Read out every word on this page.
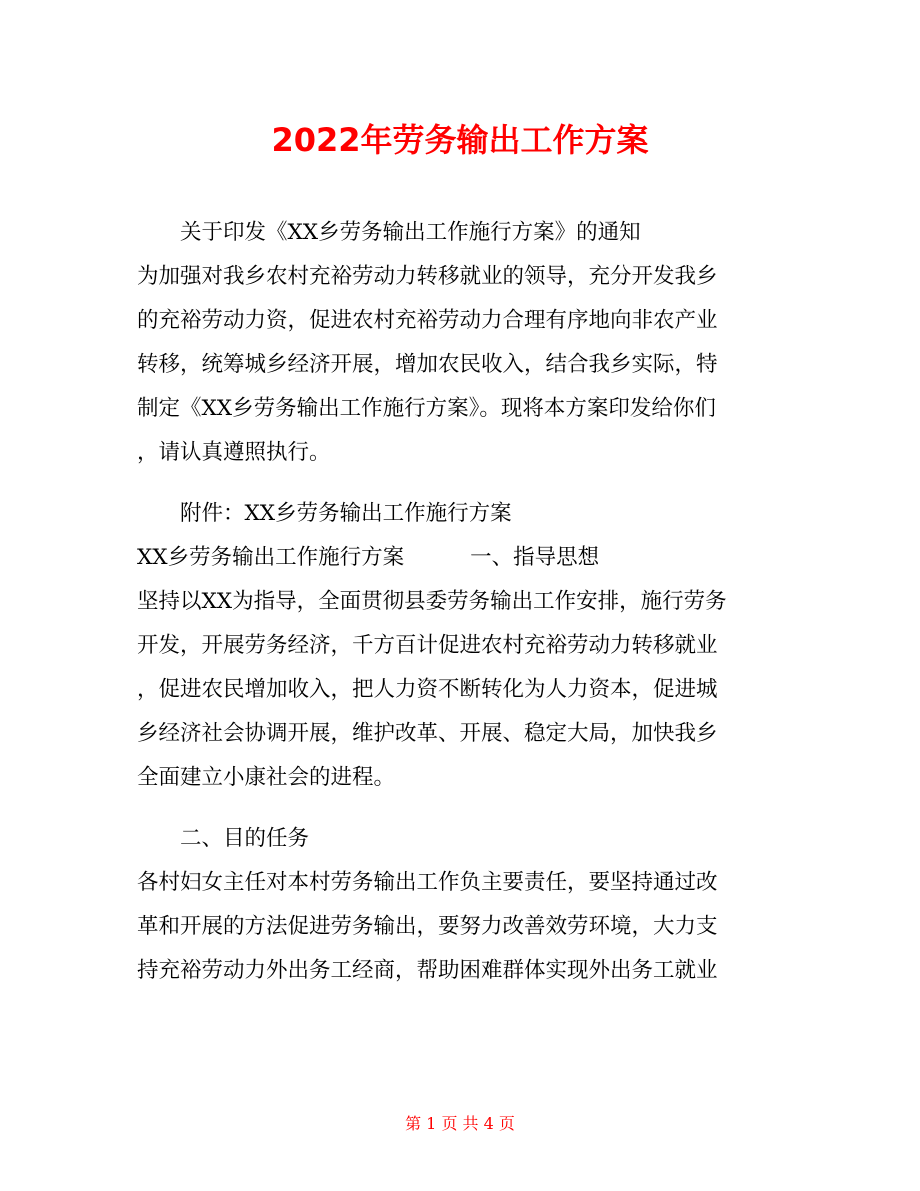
2022年劳务输出工作方案

关于印发《XX乡劳务输出工作施行方案》的通知

为加强对我乡农村充裕劳动力转移就业的领导，充分开发我乡

的充裕劳动力资，促进农村充裕劳动力合理有序地向非农产业

转移，统筹城乡经济开展，增加农民收入，结合我乡实际，特

制定《XX乡劳务输出工作施行方案》。现将本方案印发给你们

，请认真遵照执行。

附件：XX乡劳务输出工作施行方案

XX乡劳务输出工作施行方案	一、指导思想

坚持以XX为指导，全面贯彻县委劳务输出工作安排，施行劳务

开发，开展劳务经济，千方百计促进农村充裕劳动力转移就业

，促进农民增加收入，把人力资不断转化为人力资本，促进城

乡经济社会协调开展，维护改革、开展、稳定大局，加快我乡

全面建立小康社会的进程。

二、目的任务

各村妇女主任对本村劳务输出工作负主要责任，要坚持通过改

革和开展的方法促进劳务输出，要努力改善效劳环境，大力支

持充裕劳动力外出务工经商，帮助困难群体实现外出务工就业

第 1 页 共 4 页
